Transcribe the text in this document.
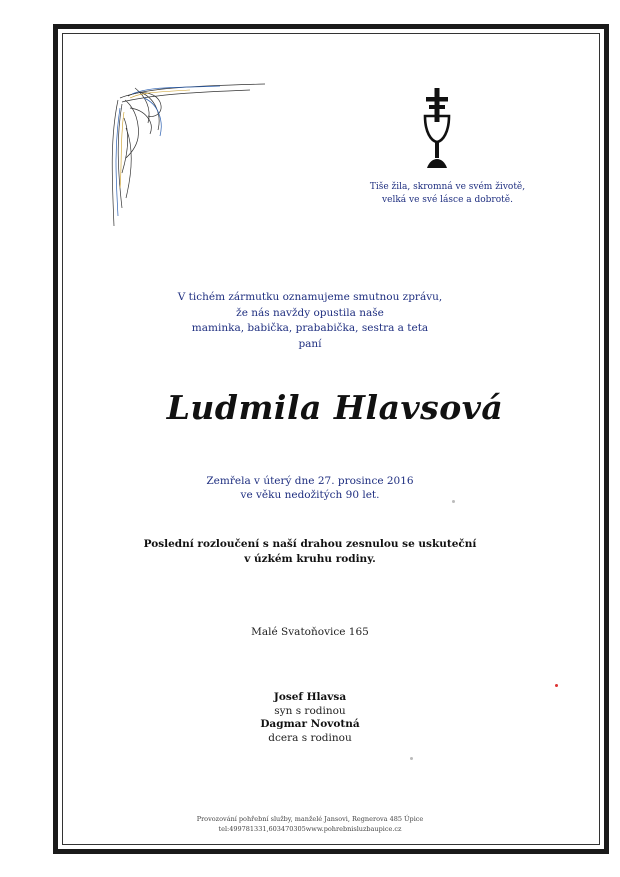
Tiše žila, skromná ve svém životě,
velká ve své lásce a dobrotě.
V tichém zármutku oznamujeme smutnou zprávu,
že nás navždy opustila naše
maminka, babička, prababička, sestra a teta
paní
Ludmila Hlavsová
Zemřela v úterý dne 27. prosince 2016
ve věku nedožitých 90 let.
Poslední rozloučení s naší drahou zesnulou se uskuteční
v úzkém kruhu rodiny.
Malé Svatoňovice 165
Josef Hlavsa
syn s rodinou
Dagmar Novotná
dcera s rodinou
Provozování pohřební služby, manželé Jansovi, Regnerova 485 Úpice
tel:499781331,603470305www.pohrebnisluzbaupice.cz
